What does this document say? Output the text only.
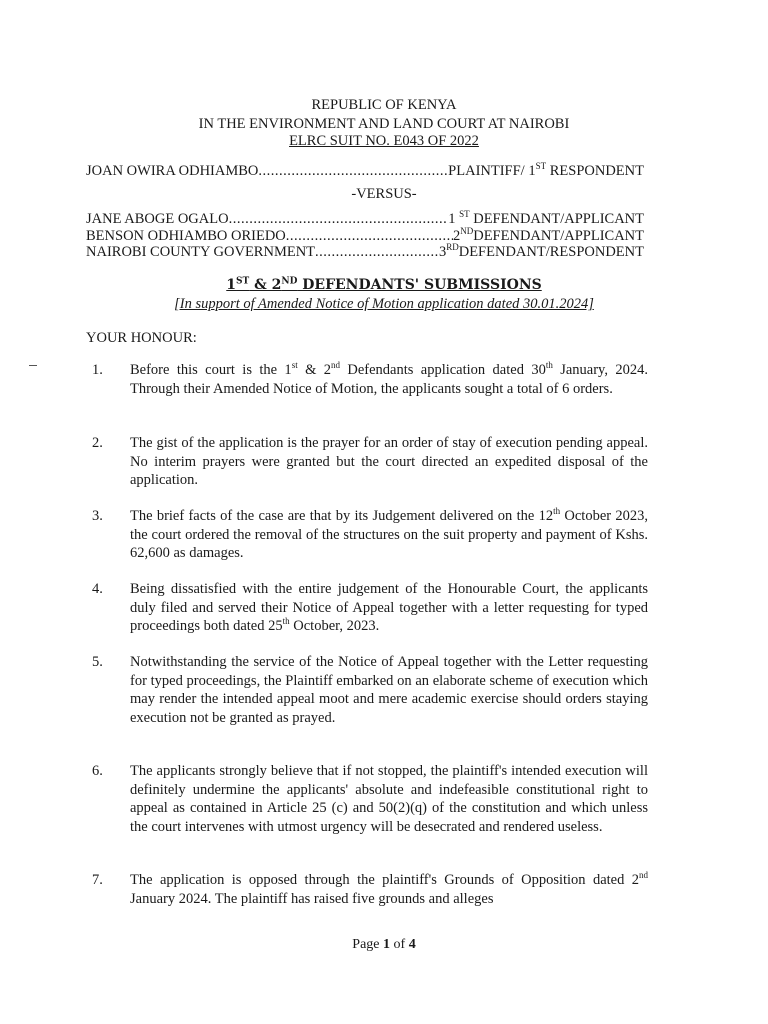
REPUBLIC OF KENYA
IN THE ENVIRONMENT AND LAND COURT AT NAIROBI
ELRC SUIT NO. E043 OF 2022
JOAN OWIRA ODHIAMBO .....	PLAINTIFF/ 1ST RESPONDENT
-VERSUS-
JANE ABOGE OGALO .....	1 $^{ST}$ DEFENDANT/APPLICANT
BENSON ODHIAMBO ORIEDO .....	2NDDEFENDANT/APPLICANT
NAIROBI COUNTY GOVERNMENT .....	3RDDEFENDANT/RESPONDENT
1ST & 2ND DEFENDANTS' SUBMISSIONS
[In support of Amended Notice of Motion application dated 30.01.2024]
YOUR HONOUR:
1.	Before this court is the 1st & 2nd Defendants application dated 30th January, 2024. Through their Amended Notice of Motion, the applicants sought a total of 6 orders.
2.	The gist of the application is the prayer for an order of stay of execution pending appeal. No interim prayers were granted but the court directed an expedited disposal of the application.
3.	The brief facts of the case are that by its Judgement delivered on the 12th October 2023, the court ordered the removal of the structures on the suit property and payment of Kshs. 62,600 as damages.
4.	Being dissatisfied with the entire judgement of the Honourable Court, the applicants duly filed and served their Notice of Appeal together with a letter requesting for typed proceedings both dated 25th October, 2023.
5.	Notwithstanding the service of the Notice of Appeal together with the Letter requesting for typed proceedings, the Plaintiff embarked on an elaborate scheme of execution which may render the intended appeal moot and mere academic exercise should orders staying execution not be granted as prayed.
6.	The applicants strongly believe that if not stopped, the plaintiff's intended execution will definitely undermine the applicants' absolute and indefeasible constitutional right to appeal as contained in Article 25 (c) and 50(2)(q) of the constitution and which unless the court intervenes with utmost urgency will be desecrated and rendered useless.
7.	The application is opposed through the plaintiff's Grounds of Opposition dated 2nd January 2024. The plaintiff has raised five grounds and alleges
Page 1 of 4
